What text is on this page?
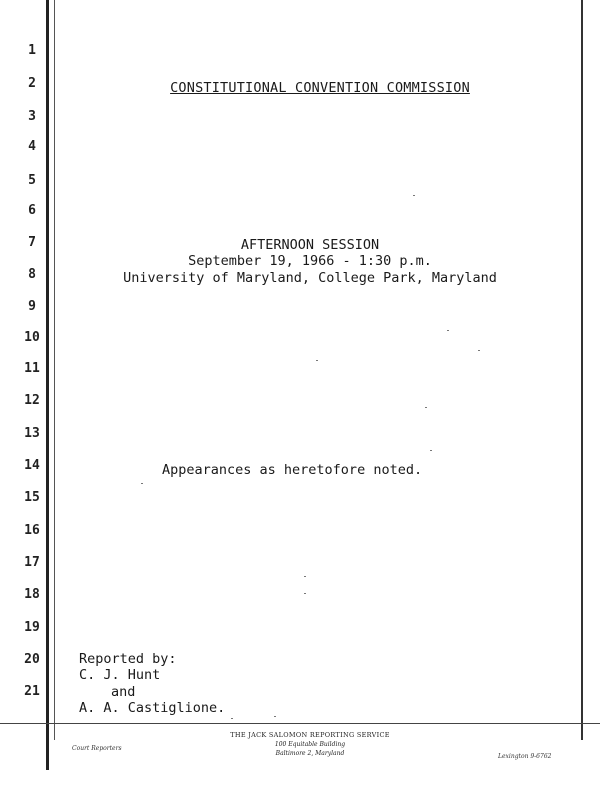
1
2
3
4
5
6
7
8
9
10
11
12
13
14
15
16
17
18
19
20
21
CONSTITUTIONAL CONVENTION COMMISSION
AFTERNOON SESSION
September 19, 1966 - 1:30 p.m.
University of Maryland, College Park, Maryland
Appearances as heretofore noted.
Reported by:
C. J. Hunt
and
A. A. Castiglione.
Court Reporters
THE JACK SALOMON REPORTING SERVICE
100 Equitable Building
Baltimore 2, Maryland	Lexington 9-6762
